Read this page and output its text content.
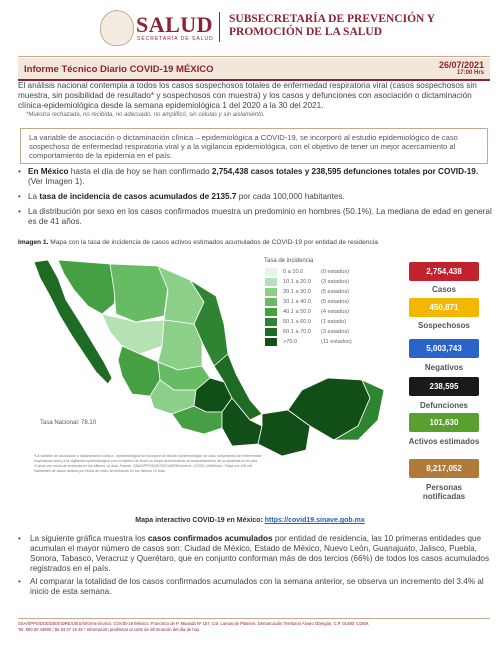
SALUD
SECRETARÍA DE SALUD
SUBSECRETARÍA DE PREVENCIÓN Y
PROMOCIÓN DE LA SALUD
Informe Técnico Diario COVID-19 MÉXICO	26/07/2021
17:00 Hrs
El análisis nacional contempla a todos los casos sospechosos totales de enfermedad respiratoria viral (casos sospechosos sin muestra, sin posibilidad de resultado* y sospechosos con muestra) y los casos y defunciones con asociación o dictaminación clínica-epidemiológica desde la semana epidemiológica 1 del 2020 a la 30 del 2021.
*Muestra rechazada, no recibida, no adecuado, no amplificó, sin células y sin aislamiento.

La variable de asociación o dictaminación clínica – epidemiológica a COVID-19, se incorporó al estudio epidemiológico de caso sospechoso de enfermedad respiratoria viral y a la vigilancia epidemiológica, con el objetivo de tener un mejor acercamiento al comportamiento de la epidemia en el país.

• En México hasta el día de hoy se han confirmado 2,754,438 casos totales y 238,595 defunciones totales por COVID-19. (Ver Imagen 1).
• La tasa de incidencia de casos acumulados de 2135.7 por cada 100,000 habitantes.
• La distribución por sexo en los casos confirmados muestra un predominio en hombres (50.1%). La mediana de edad en general es de 41 años.
Imagen 1. Mapa con la tasa de incidencia de casos activos estimados acumulados de COVID-19 por entidad de residencia
Tasa de incidencia
0 a 10.0	(0 estados)
10.1 a 20.0	(3 estados)
20.1 a 30.0	(5 estados)
30.1 a 40.0	(5 estados)
40.1 a 50.0	(4 estados)
50.1 a 60.0	(1 estado)
60.1 a 70.0	(3 estados)
>70.0	(11 estados)
Tasa Nacional: 78.10
*La variable de asociación o dictaminación clínica - epidemiológica se incorporó al estudio epidemiológico de caso sospechoso de enfermedad respiratoria viral y a la vigilancia epidemiológica con el objetivo de tener un mejor acercamiento al comportamiento de la epidemia en el país. *Casos con inicio de síntomas en los últimos 14 días. Fuente: SSA/SPPS/DGE/DIE/InDRE/Informe. COVID-19/México. *Tasa por 100 mil habitantes de casos activos por fecha de inicio de síntomas en los últimos 14 días.
2,754,438
Casos
450,871
Sospechosos
5,003,743
Negativos
238,595
Defunciones
101,630
Activos estimados
8,217,052
Personas notificadas
Mapa interactivo COVID-19 en México: https://covid19.sinave.gob.mx
• La siguiente gráfica muestra los casos confirmados acumulados por entidad de residencia, las 10 primeras entidades que acumulan el mayor número de casos son: Ciudad de México, Estado de México, Nuevo León, Guanajuato, Jalisco, Puebla, Sonora, Tabasco, Veracruz y Querétaro, que en conjunto conforman más de dos tercios (66%) de todos los casos acumulados registrados en el país.
• Al comparar la totalidad de los casos confirmados acumulados con la semana anterior, se observa un incremento del 3.4% al inicio de esta semana.
SSA/SPPS/DGE/DIE/InDRE/UIES/Informe técnico. COVID-19 /México. Francisco de P. Miranda Nº 157, Col. Lomas de Plateros, Demarcación Territorial Álvaro Obregón, C.P. 01480, CDMX
Tel. 800 00 44800 / 55 53 37 16 45 * Información preliminar al corte de información del día de hoy.
